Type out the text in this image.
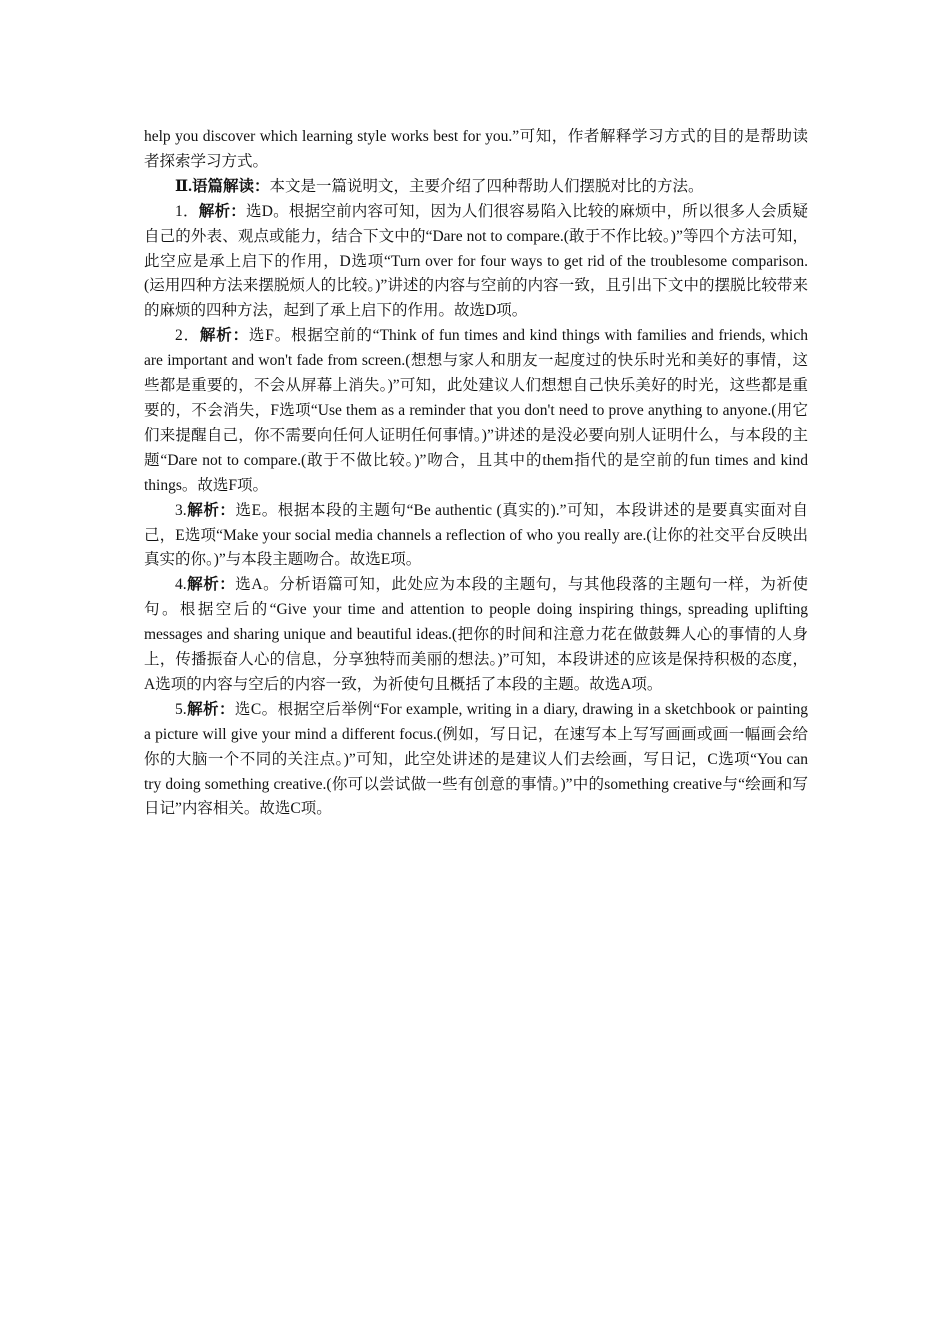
help you discover which learning style works best for you.”可知，作者解释学习方式的目的是帮助读者探索学习方式。

Ⅱ.语篇解读：本文是一篇说明文，主要介绍了四种帮助人们摆脱对比的方法。

1．解析：选D。根据空前内容可知，因为人们很容易陷入比较的麻烦中，所以很多人会质疑自己的外表、观点或能力，结合下文中的“Dare not to compare.(敢于不作比较。)”等四个方法可知，此空应是承上启下的作用，D选项“Turn over for four ways to get rid of the troublesome comparison.(运用四种方法来摆脱烦人的比较。)”讲述的内容与空前的内容一致，且引出下文中的摆脱比较带来的麻烦的四种方法，起到了承上启下的作用。故选D项。

2．解析：选F。根据空前的“Think of fun times and kind things with families and friends, which are important and won't fade from screen.(想想与家人和朋友一起度过的快乐时光和美好的事情，这些都是重要的，不会从屏幕上消失。)”可知，此处建议人们想想自己快乐美好的时光，这些都是重要的，不会消失，F选项“Use them as a reminder that you don't need to prove anything to anyone.(用它们来提醒自己，你不需要向任何人证明任何事情。)”讲述的是没必要向别人证明什么，与本段的主题“Dare not to compare.(敢于不做比较。)”吻合，且其中的them指代的是空前的fun times and kind things。故选F项。

3.解析：选E。根据本段的主题句“Be authentic (真实的).”可知，本段讲述的是要真实面对自己，E选项“Make your social media channels a reflection of who you really are.(让你的社交平台反映出真实的你。)”与本段主题吻合。故选E项。

4.解析：选A。分析语篇可知，此处应为本段的主题句，与其他段落的主题句一样，为祈使句。根据空后的“Give your time and attention to people doing inspiring things, spreading uplifting messages and sharing unique and beautiful ideas.(把你的时间和注意力花在做鼓舞人心的事情的人身上，传播振奋人心的信息，分享独特而美丽的想法。)”可知，本段讲述的应该是保持积极的态度，A选项的内容与空后的内容一致，为祈使句且概括了本段的主题。故选A项。

5.解析：选C。根据空后举例“For example, writing in a diary, drawing in a sketchbook or painting a picture will give your mind a different focus.(例如，写日记，在速写本上写写画画或画一幅画会给你的大脑一个不同的关注点。)”可知，此空处讲述的是建议人们去绘画，写日记，C选项“You can try doing something creative.(你可以尝试做一些有创意的事情。)”中的something creative与“绘画和写日记”内容相关。故选C项。
